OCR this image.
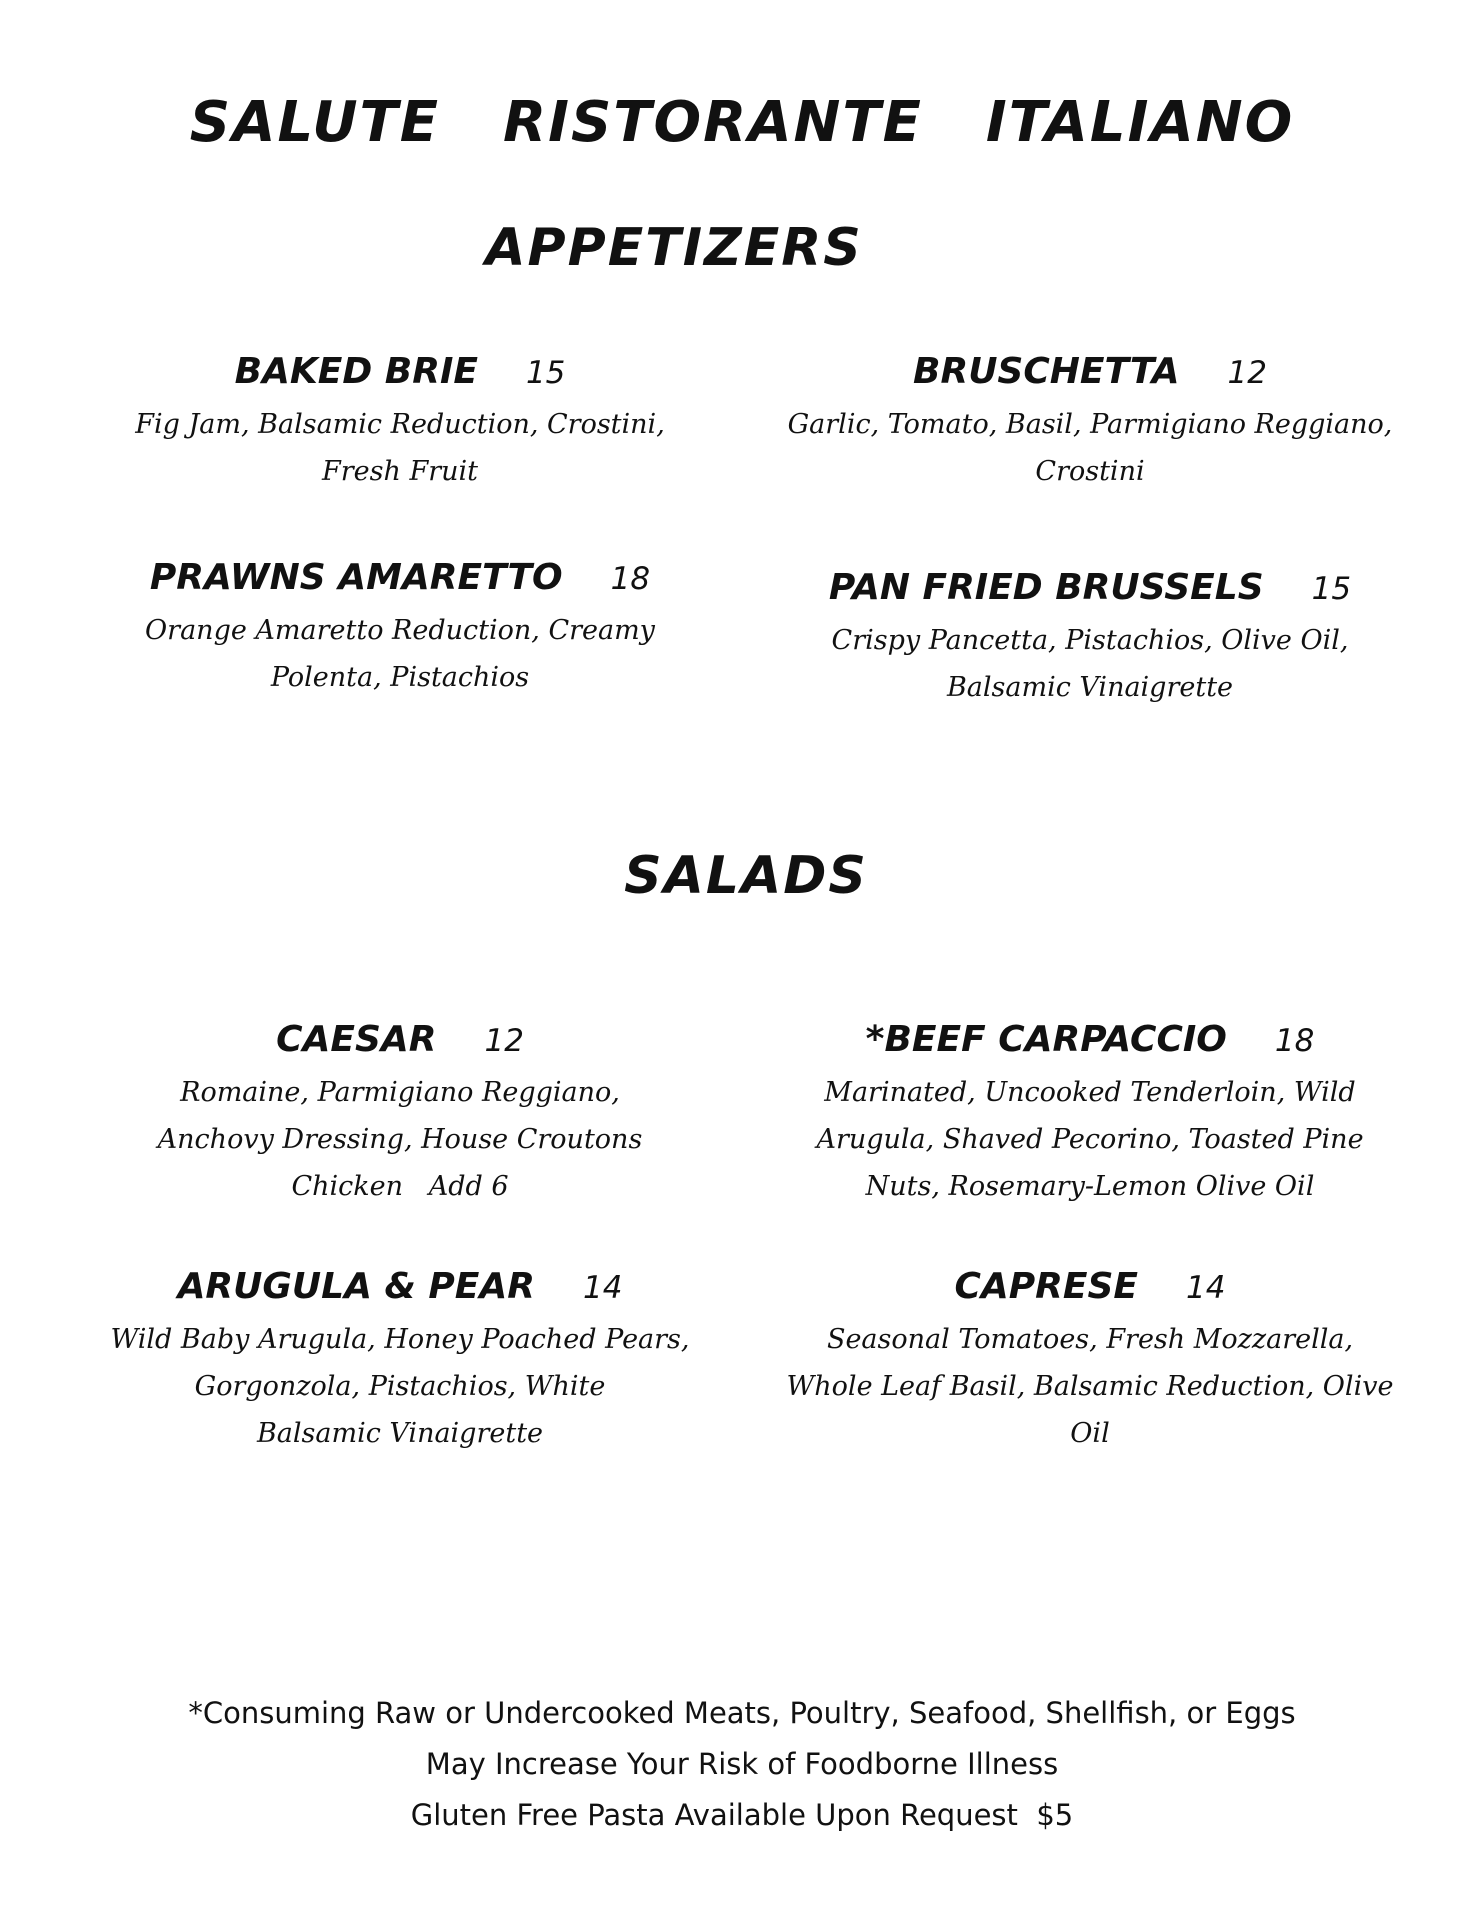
SALUTE  RISTORANTE  ITALIANO
APPETIZERS
BAKED BRIE 15
Fig Jam, Balsamic Reduction, Crostini,
Fresh Fruit
BRUSCHETTA 12
Garlic, Tomato, Basil, Parmigiano Reggiano,
Crostini
PRAWNS AMARETTO 18
Orange Amaretto Reduction, Creamy
Polenta, Pistachios
PAN FRIED BRUSSELS 15
Crispy Pancetta, Pistachios, Olive Oil,
Balsamic Vinaigrette
SALADS
CAESAR 12
Romaine, Parmigiano Reggiano,
Anchovy Dressing, House Croutons
Chicken   Add 6
*BEEF CARPACCIO 18
Marinated, Uncooked Tenderloin, Wild
Arugula, Shaved Pecorino, Toasted Pine
Nuts, Rosemary-Lemon Olive Oil
ARUGULA & PEAR 14
Wild Baby Arugula, Honey Poached Pears,
Gorgonzola, Pistachios, White
Balsamic Vinaigrette
CAPRESE 14
Seasonal Tomatoes, Fresh Mozzarella,
Whole Leaf Basil, Balsamic Reduction, Olive
Oil
*Consuming Raw or Undercooked Meats, Poultry, Seafood, Shellfish, or Eggs
May Increase Your Risk of Foodborne Illness
Gluten Free Pasta Available Upon Request  $5
